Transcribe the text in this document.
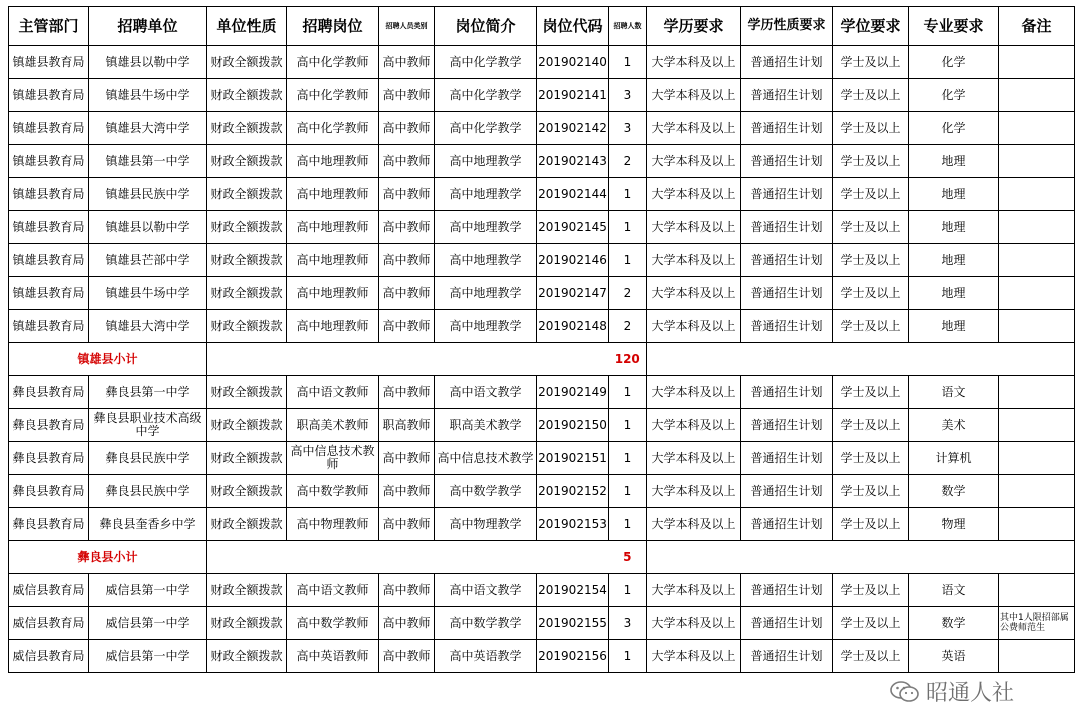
主管部门	招聘单位	单位性质	招聘岗位	招聘人员类别	岗位简介	岗位代码	招聘人数	学历要求	学历性质要求	学位要求	专业要求	备注
镇雄县教育局	镇雄县以勒中学	财政全额拨款	高中化学教师	高中教师	高中化学教学	201902140	1	大学本科及以上	普通招生计划	学士及以上	化学	
镇雄县教育局	镇雄县牛场中学	财政全额拨款	高中化学教师	高中教师	高中化学教学	201902141	3	大学本科及以上	普通招生计划	学士及以上	化学	
镇雄县教育局	镇雄县大湾中学	财政全额拨款	高中化学教师	高中教师	高中化学教学	201902142	3	大学本科及以上	普通招生计划	学士及以上	化学	
镇雄县教育局	镇雄县第一中学	财政全额拨款	高中地理教师	高中教师	高中地理教学	201902143	2	大学本科及以上	普通招生计划	学士及以上	地理	
镇雄县教育局	镇雄县民族中学	财政全额拨款	高中地理教师	高中教师	高中地理教学	201902144	1	大学本科及以上	普通招生计划	学士及以上	地理	
镇雄县教育局	镇雄县以勒中学	财政全额拨款	高中地理教师	高中教师	高中地理教学	201902145	1	大学本科及以上	普通招生计划	学士及以上	地理	
镇雄县教育局	镇雄县芒部中学	财政全额拨款	高中地理教师	高中教师	高中地理教学	201902146	1	大学本科及以上	普通招生计划	学士及以上	地理	
镇雄县教育局	镇雄县牛场中学	财政全额拨款	高中地理教师	高中教师	高中地理教学	201902147	2	大学本科及以上	普通招生计划	学士及以上	地理	
镇雄县教育局	镇雄县大湾中学	财政全额拨款	高中地理教师	高中教师	高中地理教学	201902148	2	大学本科及以上	普通招生计划	学士及以上	地理	
镇雄县小计							120					
彝良县教育局	彝良县第一中学	财政全额拨款	高中语文教师	高中教师	高中语文教学	201902149	1	大学本科及以上	普通招生计划	学士及以上	语文	
彝良县教育局	彝良县职业技术高级中学	财政全额拨款	职高美术教师	职高教师	职高美术教学	201902150	1	大学本科及以上	普通招生计划	学士及以上	美术	
彝良县教育局	彝良县民族中学	财政全额拨款	高中信息技术教师	高中教师	高中信息技术教学	201902151	1	大学本科及以上	普通招生计划	学士及以上	计算机	
彝良县教育局	彝良县民族中学	财政全额拨款	高中数学教师	高中教师	高中数学教学	201902152	1	大学本科及以上	普通招生计划	学士及以上	数学	
彝良县教育局	彝良县奎香乡中学	财政全额拨款	高中物理教师	高中教师	高中物理教学	201902153	1	大学本科及以上	普通招生计划	学士及以上	物理	
彝良县小计							5					
威信县教育局	威信县第一中学	财政全额拨款	高中语文教师	高中教师	高中语文教学	201902154	1	大学本科及以上	普通招生计划	学士及以上	语文	
威信县教育局	威信县第一中学	财政全额拨款	高中数学教师	高中教师	高中数学教学	201902155	3	大学本科及以上	普通招生计划	学士及以上	数学	其中1人限招部属公费师范生
威信县教育局	威信县第一中学	财政全额拨款	高中英语教师	高中教师	高中英语教学	201902156	1	大学本科及以上	普通招生计划	学士及以上	英语	
昭通人社
